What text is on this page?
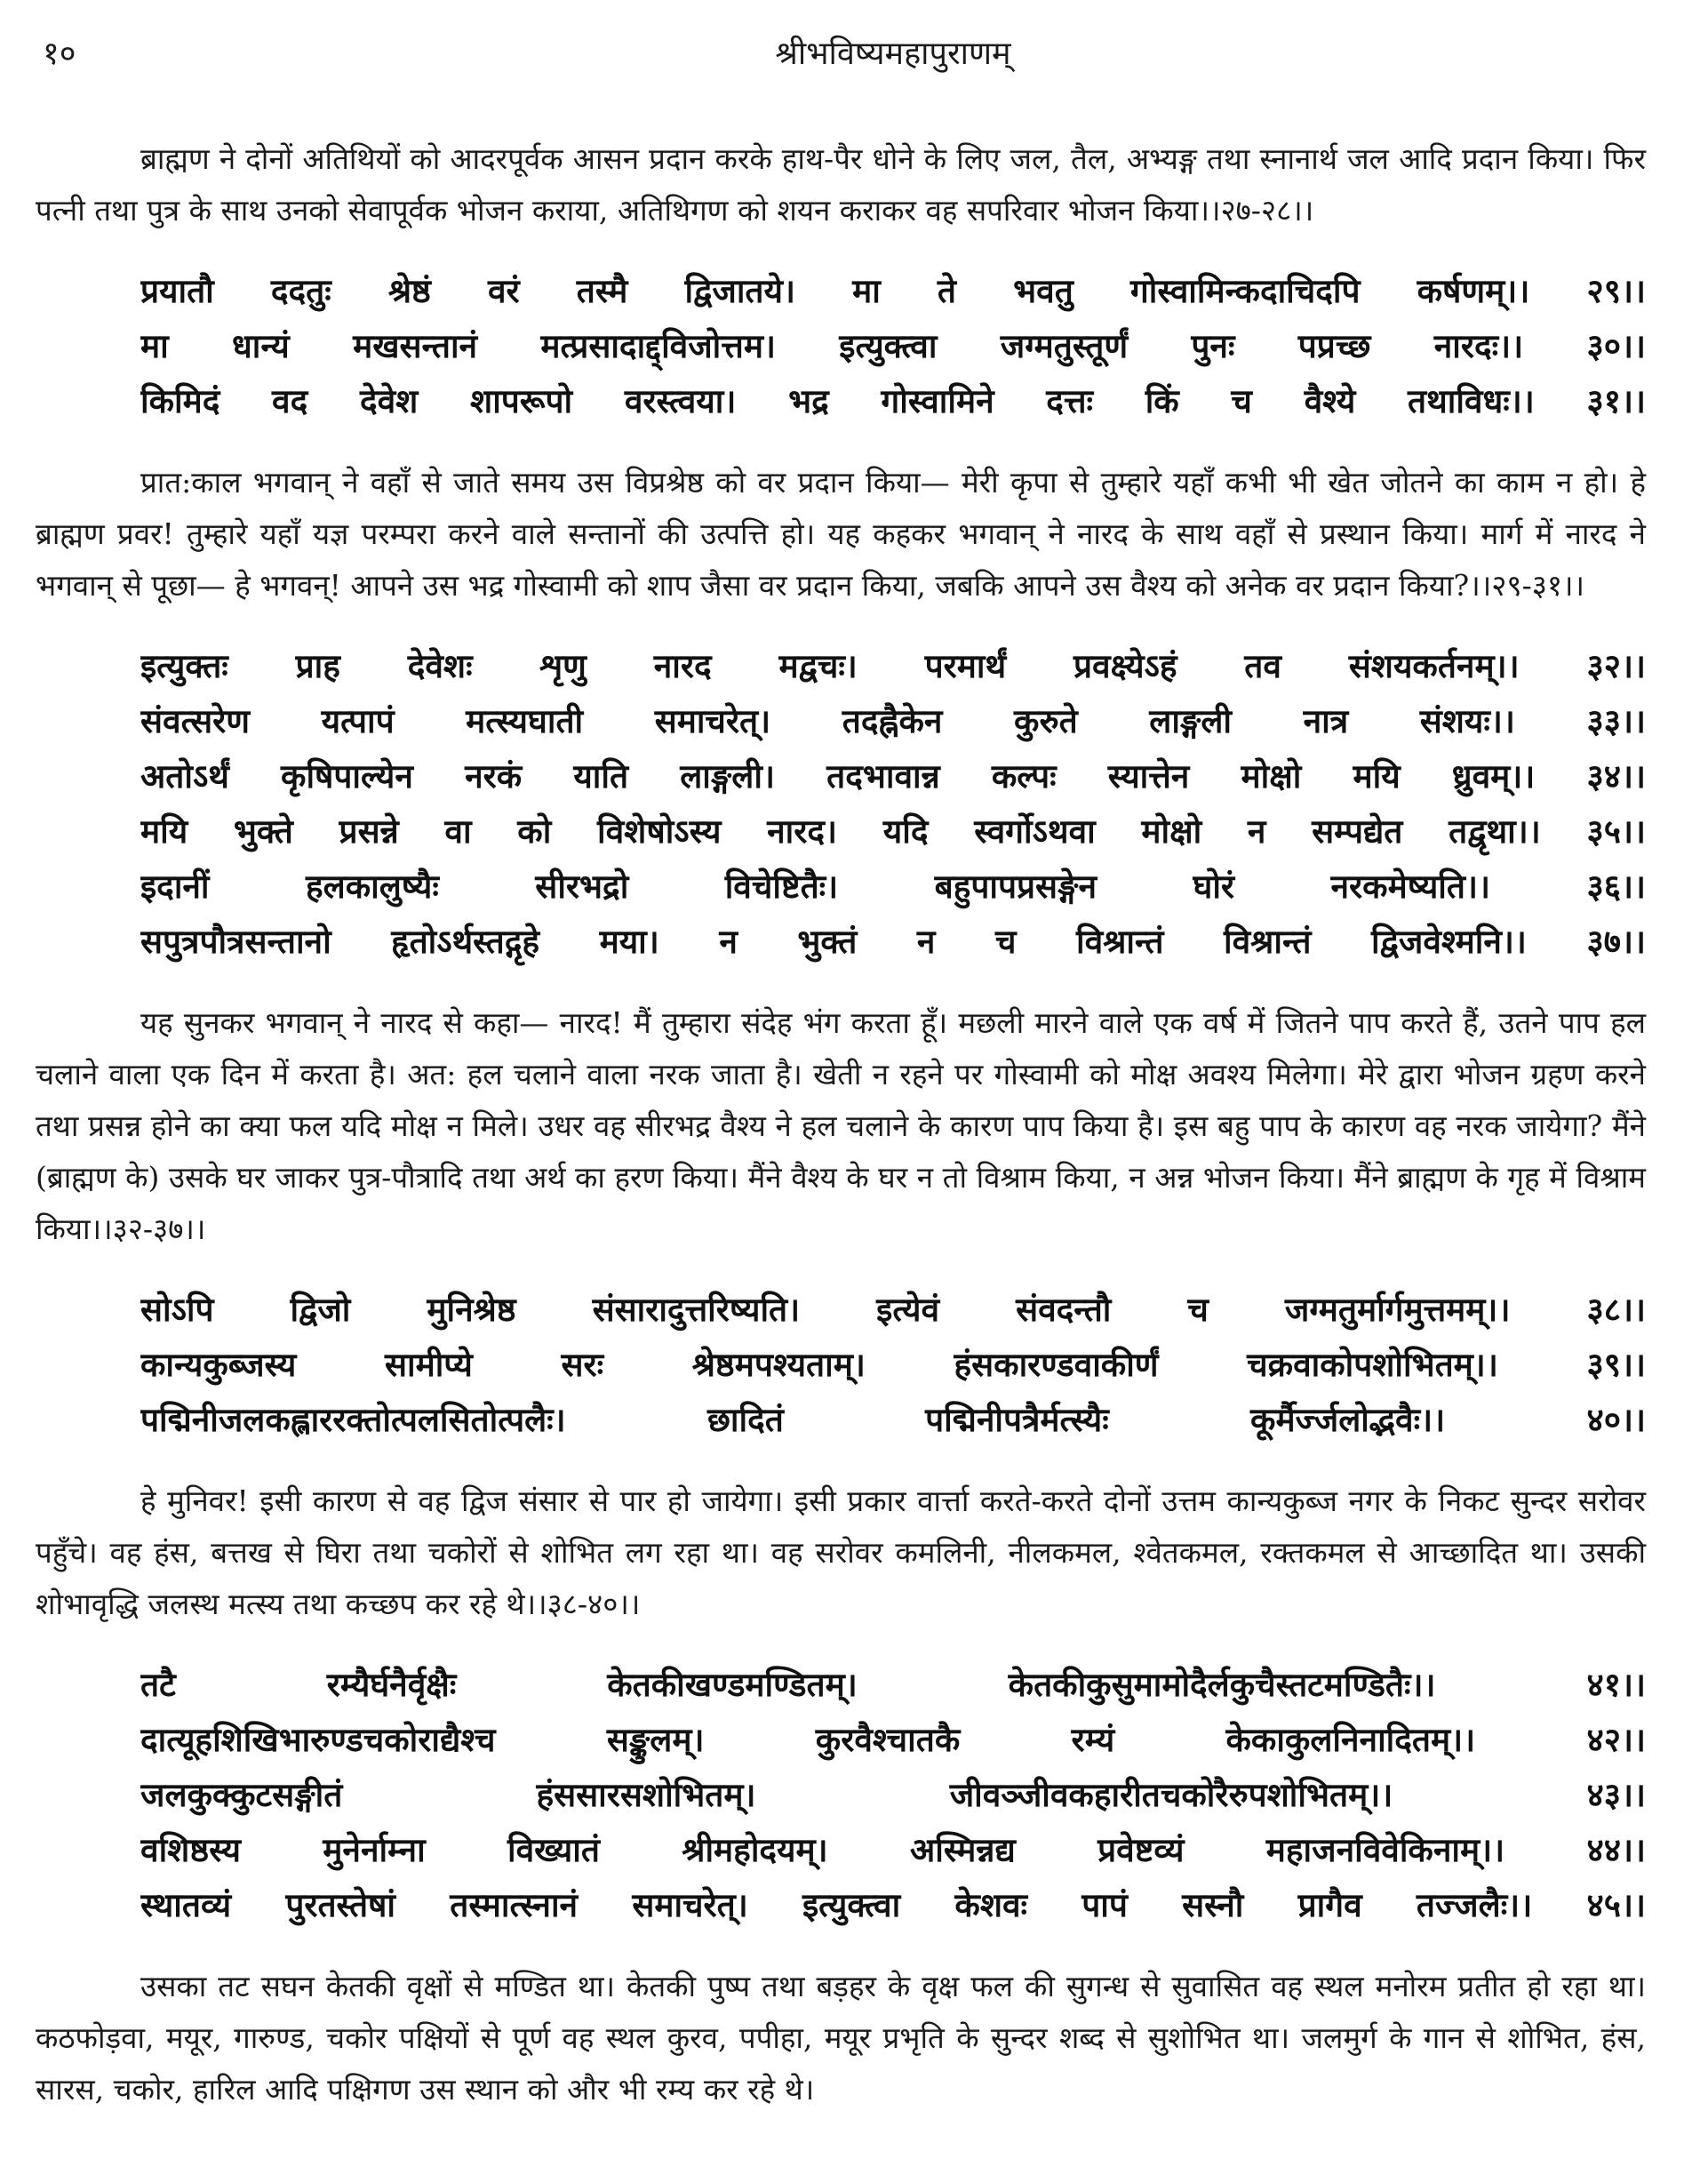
१०	श्रीभविष्यमहापुराणम्

ब्राह्मण ने दोनों अतिथियों को आदरपूर्वक आसन प्रदान करके हाथ-पैर धोने के लिए जल, तैल, अभ्यङ्ग तथा स्नानार्थ जल आदि प्रदान किया। फिर पत्नी तथा पुत्र के साथ उनको सेवापूर्वक भोजन कराया, अतिथिगण को शयन कराकर वह सपरिवार भोजन किया।।२७-२८।।

प्रयातौ ददतुः श्रेष्ठं वरं तस्मै द्विजातये। मा ते भवतु गोस्वामिन्कदाचिदपि कर्षणम्।। २९।।
मा धान्यं मखसन्तानं मत्प्रसादाद्द्विजोत्तम। इत्युक्त्वा जग्मतुस्तूर्णं पुनः पप्रच्छ नारदः।। ३०।।
किमिदं वद देवेश शापरूपो वरस्त्वया। भद्र गोस्वामिने दत्तः किं च वैश्ये तथाविधः।। ३१।।

प्रात:काल भगवान् ने वहाँ से जाते समय उस विप्रश्रेष्ठ को वर प्रदान किया— मेरी कृपा से तुम्हारे यहाँ कभी भी खेत जोतने का काम न हो। हे ब्राह्मण प्रवर! तुम्हारे यहाँ यज्ञ परम्परा करने वाले सन्तानों की उत्पत्ति हो। यह कहकर भगवान् ने नारद के साथ वहाँ से प्रस्थान किया। मार्ग में नारद ने भगवान् से पूछा— हे भगवन्! आपने उस भद्र गोस्वामी को शाप जैसा वर प्रदान किया, जबकि आपने उस वैश्य को अनेक वर प्रदान किया?।।२९-३१।।

इत्युक्तः प्राह देवेशः शृणु नारद मद्वचः। परमार्थं प्रवक्ष्येऽहं तव संशयकर्तनम्।। ३२।।
संवत्सरेण यत्पापं मत्स्यघाती समाचरेत्। तदह्नैकेन कुरुते लाङ्गली नात्र संशयः।। ३३।।
अतोऽर्थं कृषिपाल्येन नरकं याति लाङ्गली। तदभावान्न कल्पः स्यात्तेन मोक्षो मयि ध्रुवम्।। ३४।।
मयि भुक्ते प्रसन्ने वा को विशेषोऽस्य नारद। यदि स्वर्गोऽथवा मोक्षो न सम्पद्येत तद्वृथा।। ३५।।
इदानीं हलकालुष्यैः सीरभद्रो विचेष्टितैः। बहुपापप्रसङ्गेन घोरं नरकमेष्यति।। ३६।।
सपुत्रपौत्रसन्तानो हृतोऽर्थस्तद्गृहे मया। न भुक्तं न च विश्रान्तं विश्रान्तं द्विजवेश्मनि।। ३७।।

यह सुनकर भगवान् ने नारद से कहा— नारद! मैं तुम्हारा संदेह भंग करता हूँ। मछली मारने वाले एक वर्ष में जितने पाप करते हैं, उतने पाप हल चलाने वाला एक दिन में करता है। अत: हल चलाने वाला नरक जाता है। खेती न रहने पर गोस्वामी को मोक्ष अवश्य मिलेगा। मेरे द्वारा भोजन ग्रहण करने तथा प्रसन्न होने का क्या फल यदि मोक्ष न मिले। उधर वह सीरभद्र वैश्य ने हल चलाने के कारण पाप किया है। इस बहु पाप के कारण वह नरक जायेगा? मैंने (ब्राह्मण के) उसके घर जाकर पुत्र-पौत्रादि तथा अर्थ का हरण किया। मैंने वैश्य के घर न तो विश्राम किया, न अन्न भोजन किया। मैंने ब्राह्मण के गृह में विश्राम किया।।३२-३७।।

सोऽपि द्विजो मुनिश्रेष्ठ संसारादुत्तरिष्यति। इत्येवं संवदन्तौ च जग्मतुर्मार्गमुत्तमम्।। ३८।।
कान्यकुब्जस्य सामीप्ये सरः श्रेष्ठमपश्यताम्। हंसकारण्डवाकीर्णं चक्रवाकोपशोभितम्।। ३९।।
पद्मिनीजलकह्लाररक्तोत्पलसितोत्पलैः। छादितं पद्मिनीपत्रैर्मत्स्यैः कूर्मैर्ज्जलोद्भवैः।। ४०।।

हे मुनिवर! इसी कारण से वह द्विज संसार से पार हो जायेगा। इसी प्रकार वार्त्ता करते-करते दोनों उत्तम कान्यकुब्ज नगर के निकट सुन्दर सरोवर पहुँचे। वह हंस, बत्तख से घिरा तथा चकोरों से शोभित लग रहा था। वह सरोवर कमलिनी, नीलकमल, श्वेतकमल, रक्तकमल से आच्छादित था। उसकी शोभावृद्धि जलस्थ मत्स्य तथा कच्छप कर रहे थे।।३८-४०।।

तटै रम्यैर्घनैर्वृक्षैः केतकीखण्डमण्डितम्। केतकीकुसुमामोदैर्लकुचैस्तटमण्डितैः।। ४१।।
दात्यूहशिखिभारुण्डचकोराद्यैश्च सङ्कुलम्। कुरवैश्चातकै रम्यं केकाकुलनिनादितम्।। ४२।।
जलकुक्कुटसङ्गीतं हंससारसशोभितम्। जीवञ्जीवकहारीतचकोरैरुपशोभितम्।। ४३।।
वशिष्ठस्य मुनेर्नाम्ना विख्यातं श्रीमहोदयम्। अस्मिन्नद्य प्रवेष्टव्यं महाजनविवेकिनाम्।। ४४।।
स्थातव्यं पुरतस्तेषां तस्मात्स्नानं समाचरेत्। इत्युक्त्वा केशवः पापं सस्नौ प्रागैव तज्जलैः।। ४५।।

उसका तट सघन केतकी वृक्षों से मण्डित था। केतकी पुष्प तथा बड़हर के वृक्ष फल की सुगन्ध से सुवासित वह स्थल मनोरम प्रतीत हो रहा था। कठफोड़वा, मयूर, गारुण्ड, चकोर पक्षियों से पूर्ण वह स्थल कुरव, पपीहा, मयूर प्रभृति के सुन्दर शब्द से सुशोभित था। जलमुर्ग के गान से शोभित, हंस, सारस, चकोर, हारिल आदि पक्षिगण उस स्थान को और भी रम्य कर रहे थे।
